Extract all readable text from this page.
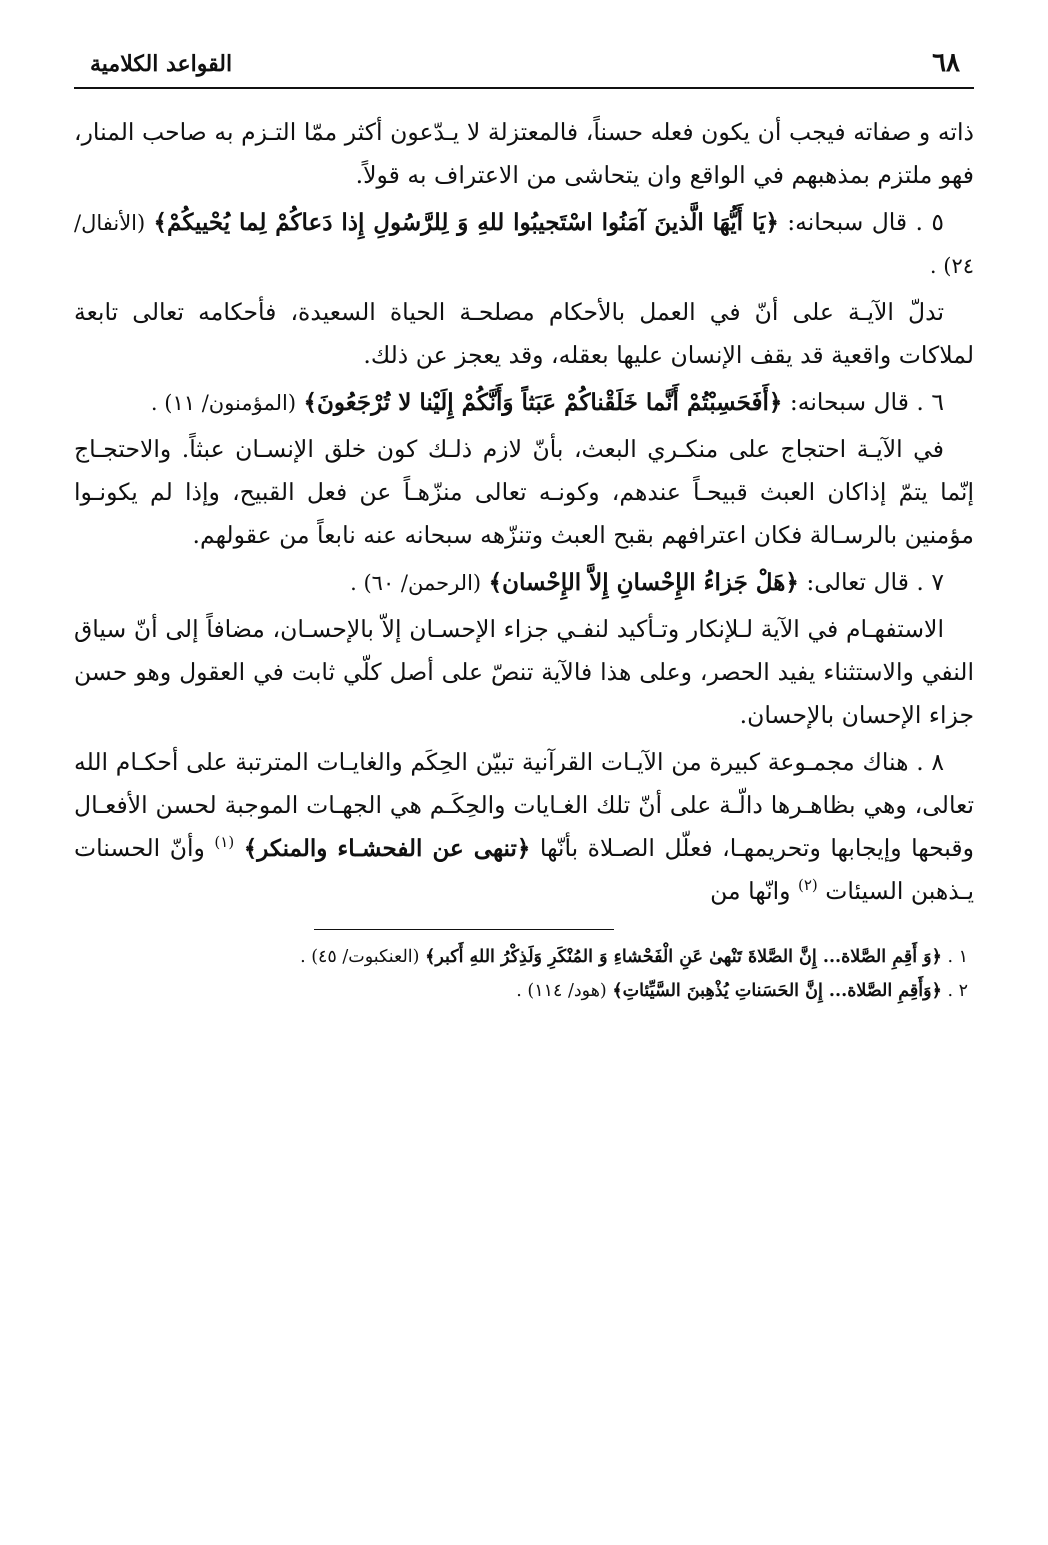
القواعد الكلامية	٦٨

ذاته و صفاته فيجب أن يكون فعله حسناً، فالمعتزلة لا يـدّعون أكثر ممّا التـزم به صاحب المنار، فهو ملتزم بمذهبهم في الواقع وان يتحاشى من الاعتراف به قولاً.

٥ . قال سبحانه: ﴿يَا أَيُّهَا الَّذينَ آمَنُوا اسْتَجيبُوا للهِ وَ لِلرَّسُولِ إِذا دَعاكُمْ لِما يُحْييكُمْ﴾ (الأنفال/ ٢٤) .

تدلّ الآيـة على أنّ في العمل بالأحكام مصلحـة الحياة السعيدة، فأحكامه تعالى تابعة لملاكات واقعية قد يقف الإنسان عليها بعقله، وقد يعجز عن ذلك.

٦ . قال سبحانه: ﴿أَفَحَسِبْتُمْ أَنَّما خَلَقْناكُمْ عَبَثاً وَأَنَّكُمْ إِلَيْنا لا تُرْجَعُونَ﴾ (المؤمنون/ ١١) .

في الآيـة احتجاج على منكـري البعث، بأنّ لازم ذلـك كون خلق الإنسـان عبثاً. والاحتجـاج إنّما يتمّ إذاكان العبث قبيحـاً عندهم، وكونـه تعالى منزّهـاً عن فعل القبيح، وإذا لم يكونـوا مؤمنين بالرسـالة فكان اعترافهم بقبح العبث وتنزّهه سبحانه عنه نابعاً من عقولهم.

٧ . قال تعالى: ﴿هَلْ جَزاءُ الإِحْسانِ إِلاَّ الإِحْسان﴾ (الرحمن/ ٦٠) .

الاستفهـام في الآية لـلإنكار وتـأكيد لنفـي جزاء الإحسـان إلاّ بالإحسـان، مضافاً إلى أنّ سياق النفي والاستثناء يفيد الحصر، وعلى هذا فالآية تنصّ على أصل كلّي ثابت في العقول وهو حسن جزاء الإحسان بالإحسان.

٨ . هناك مجمـوعة كبيرة من الآيـات القرآنية تبيّن الحِكَم والغايـات المترتبة على أحكـام الله تعالى، وهي بظاهـرها دالّـة على أنّ تلك الغـايات والحِكَـم هي الجهـات الموجبة لحسن الأفعـال وقبحها وإيجابها وتحريمهـا، فعلّل الصـلاة بأنّها ﴿تنهى عن الفحشـاء والمنكر﴾ $^{(١)}$ وأنّ الحسنات يـذهبن السيئات $^{(٢)}$ وانّها من

١ . ﴿وَ أَقِمِ الصَّلاة... إِنَّ الصَّلاةَ تَنْهىٰ عَنِ الْفَحْشاءِ وَ المُنْكَرِ وَلَذِكْرُ اللهِ أَكبر﴾ (العنكبوت/ ٤٥) .

٢ . ﴿وَأَقِمِ الصَّلاة... إِنَّ الحَسَناتِ يُذْهِبنَ السَّيِّئاتِ﴾ (هود/ ١١٤) .
